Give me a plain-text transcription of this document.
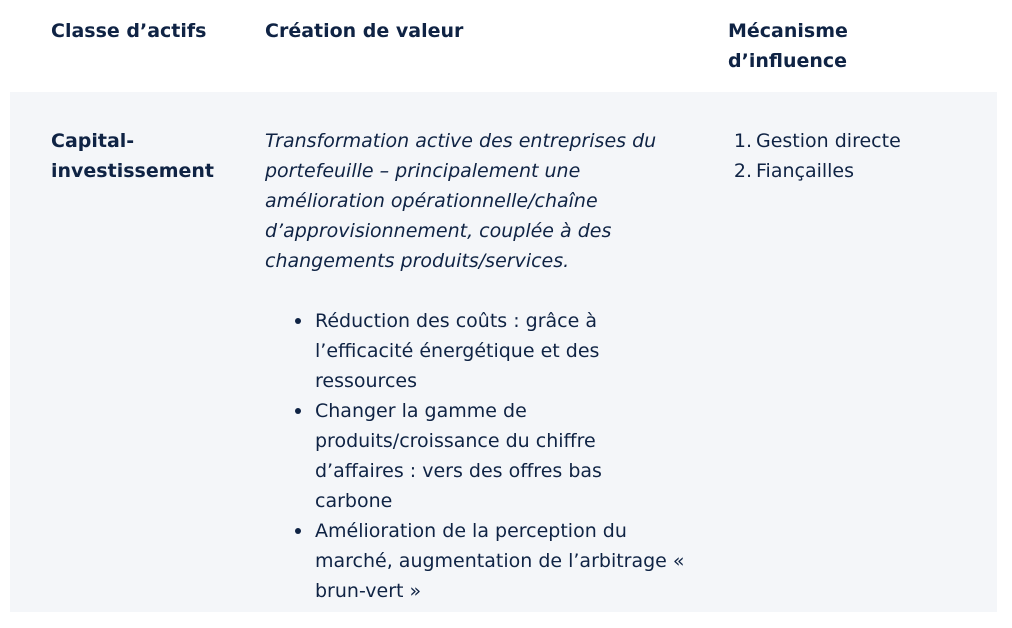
Classe d’actifs	Création de valeur	Mécanisme d’influence
Capital-investissement
Transformation active des entreprises du portefeuille – principalement une amélioration opérationnelle/chaîne d’approvisionnement, couplée à des changements produits/services.
Réduction des coûts : grâce à l’efficacité énergétique et des ressources
Changer la gamme de produits/croissance du chiffre d’affaires : vers des offres bas carbone
Amélioration de la perception du marché, augmentation de l’arbitrage « brun-vert »
1. Gestion directe
2. Fiançailles
